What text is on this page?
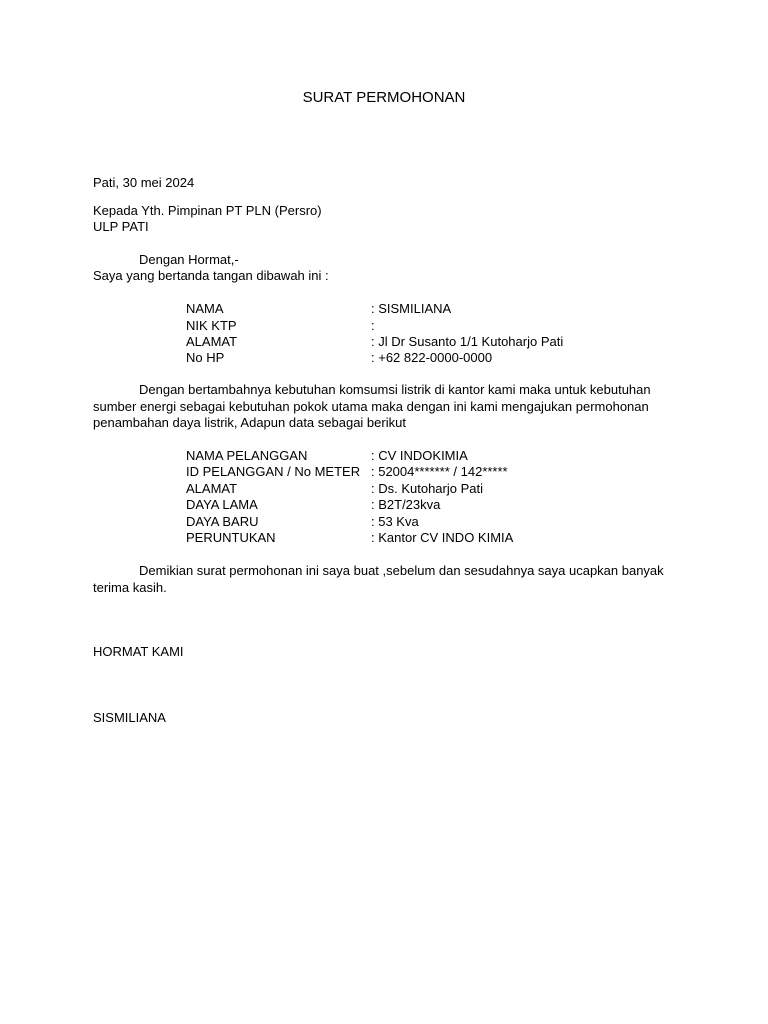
SURAT PERMOHONAN
Pati, 30 mei 2024
Kepada Yth. Pimpinan PT PLN (Persro)
ULP PATI
Dengan Hormat,-
Saya yang bertanda tangan dibawah ini :
NAMA	: SISMILIANA
NIK KTP	:
ALAMAT	: Jl Dr Susanto 1/1 Kutoharjo Pati
No HP	: +62 822-0000-0000
Dengan bertambahnya kebutuhan komsumsi listrik di kantor kami maka untuk kebutuhan sumber energi sebagai kebutuhan pokok utama maka dengan ini kami mengajukan permohonan penambahan daya listrik, Adapun data sebagai berikut
NAMA PELANGGAN	: CV INDOKIMIA
ID PELANGGAN / No METER : 52004******* / 142*****
ALAMAT	: Ds. Kutoharjo Pati
DAYA LAMA	: B2T/23kva
DAYA BARU	: 53 Kva
PERUNTUKAN	: Kantor CV INDO KIMIA
Demikian surat permohonan ini saya buat ,sebelum dan sesudahnya saya ucapkan banyak terima kasih.
HORMAT KAMI
SISMILIANA
